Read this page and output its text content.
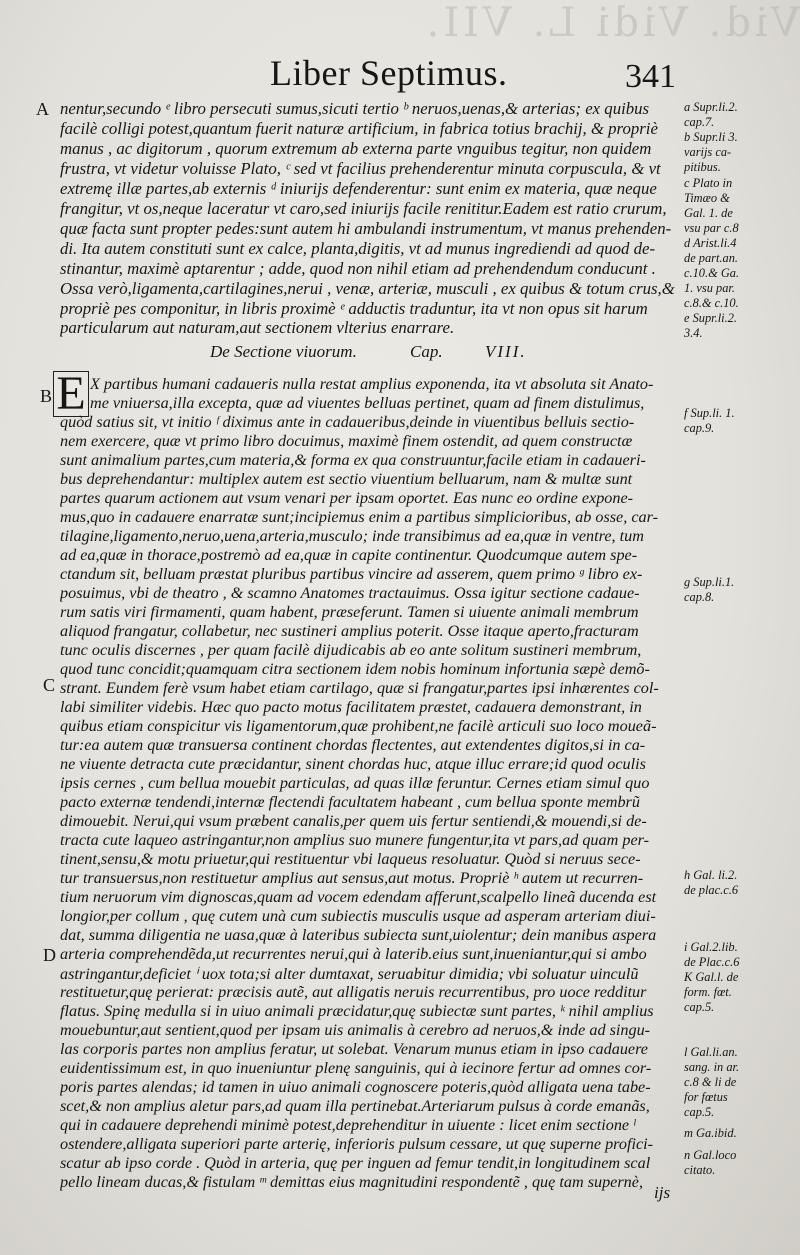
Vid. Vidi L. VII.
Liber Septimus.	341
A nentur,secundo ᵉ libro persecuti sumus,sicuti tertio ᵇ neruos,uenas,& arterias; ex quibus
facilè colligi potest,quantum fuerit naturæ artificium, in fabrica totius brachij, & propriè
manus , ac digitorum , quorum extremum ab externa parte vnguibus tegitur, non quidem
frustra, vt videtur voluisse Plato, ᶜ sed vt facilius prehenderentur minuta corpuscula, & vt
extremę illæ partes,ab externis ᵈ iniurijs defenderentur: sunt enim ex materia, quæ neque
frangitur, vt os,neque laceratur vt caro,sed iniurijs facile renititur.Eadem est ratio crurum,
quæ facta sunt propter pedes:sunt autem hi ambulandi instrumentum, vt manus prehenden-
di. Ita autem constituti sunt ex calce, planta,digitis, vt ad munus ingrediendi ad quod de-
stinantur, maximè aptarentur ; adde, quod non nihil etiam ad prehendendum conducunt .
Ossa verò,ligamenta,cartilagines,nerui , venæ, arteriæ, musculi , ex quibus & totum crus,&
propriè pes componitur, in libris proximè ᵉ adductis traduntur, ita vt non opus sit harum
De Sectione viuorum.	Cap. VIII.
E
B
C
D
X partibus humani cadaueris nulla restat amplius exponenda, ita vt absoluta sit Anato-
me vniuersa,illa excepta, quæ ad viuentes belluas pertinet, quam ad finem distulimus,
quòd satius sit, vt initio ᶠ diximus ante in cadaueribus,deinde in viuentibus belluis sectio-
nem exercere, quæ vt primo libro docuimus, maximè finem ostendit, ad quem constructæ
sunt animalium partes,cum materia,& forma ex qua construuntur,facile etiam in cadaueri-
bus deprehendantur: multiplex autem est sectio viuentium belluarum, nam & multæ sunt
partes quarum actionem aut vsum venari per ipsam oportet. Eas nunc eo ordine expone-
mus,quo in cadauere enarratæ sunt;incipiemus enim a partibus simplicioribus, ab osse, car-
tilagine,ligamento,neruo,uena,arteria,musculo; inde transibimus ad ea,quæ in ventre, tum
ad ea,quæ in thorace,postremò ad ea,quæ in capite continentur. Quodcumque autem spe-
ctandum sit, belluam præstat pluribus partibus vincire ad asserem, quem primo ᵍ libro ex-
posuimus, vbi de theatro , & scamno Anatomes tractauimus. Ossa igitur sectione cadaue-
rum satis viri firmamenti, quam habent, præseferunt. Tamen si uiuente animali membrum
aliquod frangatur, collabetur, nec sustineri amplius poterit. Osse itaque aperto,fracturam
tunc oculis discernes , per quam facilè dijudicabis ab eo ante solitum sustineri membrum,
quod tunc concidit;quamquam citra sectionem idem nobis hominum infortunia sæpè demõ-
strant. Eundem ferè vsum habet etiam cartilago, quæ si frangatur,partes ipsi inhærentes col-
labi similiter videbis. Hæc quo pacto motus facilitatem præstet, cadauera demonstrant, in
quibus etiam conspicitur vis ligamentorum,quæ prohibent,ne facilè articuli suo loco moueã-
tur:ea autem quæ transuersa continent chordas flectentes, aut extendentes digitos,si in ca-
ne viuente detracta cute præcidantur, sinent chordas huc, atque illuc errare;id quod oculis
ipsis cernes , cum bellua mouebit particulas, ad quas illæ feruntur. Cernes etiam simul quo
pacto externæ tendendi,internæ flectendi facultatem habeant , cum bellua sponte membrũ
dimouebit. Nerui,qui vsum præbent canalis,per quem uis fertur sentiendi,& mouendi,si de-
tracta cute laqueo astringantur,non amplius suo munere fungentur,ita vt pars,ad quam per-
tinent,sensu,& motu priuetur,qui restituentur vbi laqueus resoluatur. Quòd si neruus sece-
tur transuersus,non restituetur amplius aut sensus,aut motus. Propriè ʰ autem ut recurren-
tium neruorum vim dignoscas,quam ad vocem edendam afferunt,scalpello lineã ducenda est
longior,per collum , quę cutem unà cum subiectis musculis usque ad asperam arteriam diui-
dat, summa diligentia ne uasa,quæ à lateribus subiecta sunt,uiolentur; dein manibus aspera
arteria comprehendẽda,ut recurrentes nerui,qui à laterib.eius sunt,inueniantur,qui si ambo
astringantur,deficiet ⁱ uox tota;si alter dumtaxat, seruabitur dimidia; vbi soluatur uinculũ
restituetur,quę perierat: præcisis autẽ, aut alligatis neruis recurrentibus, pro uoce redditur
flatus. Spinę medulla si in uiuo animali præcidatur,quę subiectæ sunt partes, ᵏ nihil amplius
mouebuntur,aut sentient,quod per ipsam uis animalis à cerebro ad neruos,& inde ad singu-
las corporis partes non amplius feratur, ut solebat. Venarum munus etiam in ipso cadauere
euidentissimum est, in quo inueniuntur plenę sanguinis, qui à iecinore fertur ad omnes cor-
poris partes alendas; id tamen in uiuo animali cognoscere poteris,quòd alligata uena tabe-
scet,& non amplius aletur pars,ad quam illa pertinebat.Arteriarum pulsus à corde emanãs,
qui in cadauere deprehendi minimè potest,deprehenditur in uiuente : licet enim sectione ˡ
ostendere,alligata superiori parte arterię, inferioris pulsum cessare, ut quę superne profici-
scatur ab ipso corde . Quòd in arteria, quę per inguen ad femur tendit,in longitudinem scal
pello lineam ducas,& fistulam ᵐ demittas eius magnitudini respondentẽ , quę tam supernè,
a Supr.li.2.
cap.7.
b Supr.li 3.
varijs ca-
pitibus.
c Plato in
Timæo &
Gal. 1. de
vsu par c.8
d Arist.li.4
de part.an.
c.10.& Ga.
1. vsu par.
c.8.& c.10.
e Supr.li.2.
3.4.
f Sup.li. 1.
cap.9.
g Sup.li.1.
cap.8.
h Gal. li.2.
de plac.c.6
i Gal.2.lib.
de Plac.c.6
K Gal.l. de
form. fœt.
cap.5.
l Gal.li.an.
sang. in ar.
c.8 & li de
for fœtus
cap.5.
m Ga.ibid.
n Gal.loco
citato.
ijs
particularum aut naturam,aut sectionem vlterius enarrare.
